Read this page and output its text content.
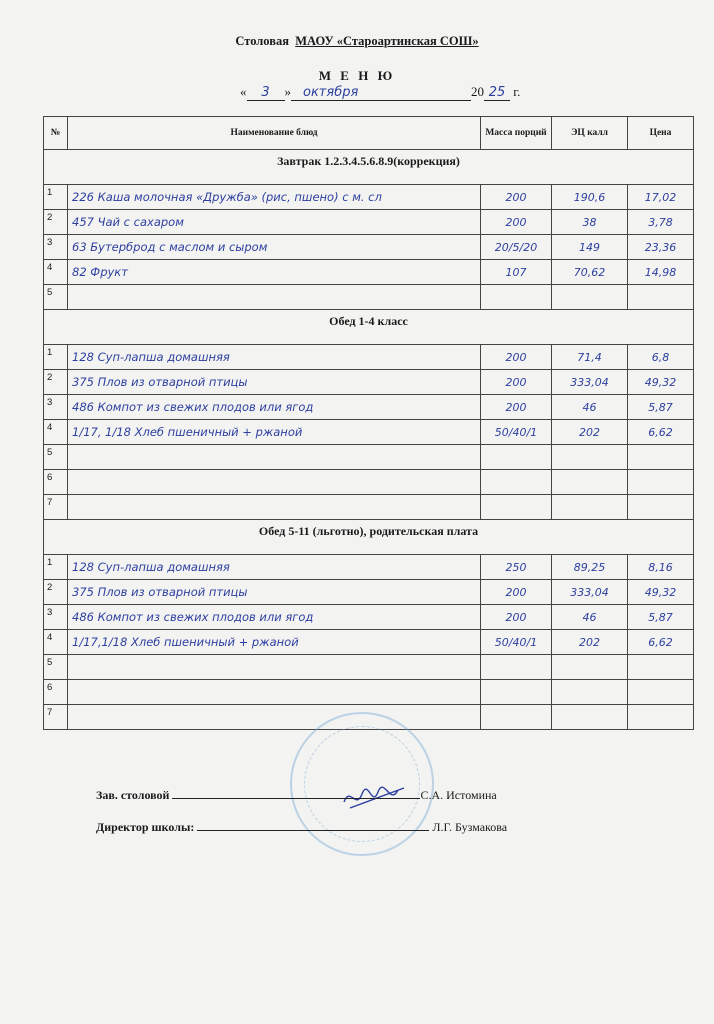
Столовая МАОУ «Староартинская СОШ»
М Е Н Ю
« 3 » октября	20 25 г.
№	Наименование блюд	Масса порций	ЭЦ калл	Цена
Завтрак 1.2.3.4.5.6.8.9(коррекция)				

1	226 Каша молочная «Дружба» (рис, пшено) с м. сл	200	190,6	17,02
2	457 Чай с сахаром	200	38	3,78
3	63 Бутерброд с маслом и сыром	20/5/20	149	23,36
4	82 Фрукт	107	70,62	14,98
5				
Обед 1-4 класс				

1	128 Суп-лапша домашняя	200	71,4	6,8
2	375 Плов из отварной птицы	200	333,04	49,32
3	486 Компот из свежих плодов или ягод	200	46	5,87
4	1/17, 1/18 Хлеб пшеничный + ржаной	50/40/1	202	6,62
5				
6				
7				
Обед 5-11 (льготно), родительская плата				

1	128 Суп-лапша домашняя	250	89,25	8,16
2	375 Плов из отварной птицы	200	333,04	49,32
3	486 Компот из свежих плодов или ягод	200	46	5,87
4	1/17,1/18 Хлеб пшеничный + ржаной	50/40/1	202	6,62
5				
6				
7				
Зав. столовой	С.А. Истомина
Директор школы:	Л.Г. Бузмакова
